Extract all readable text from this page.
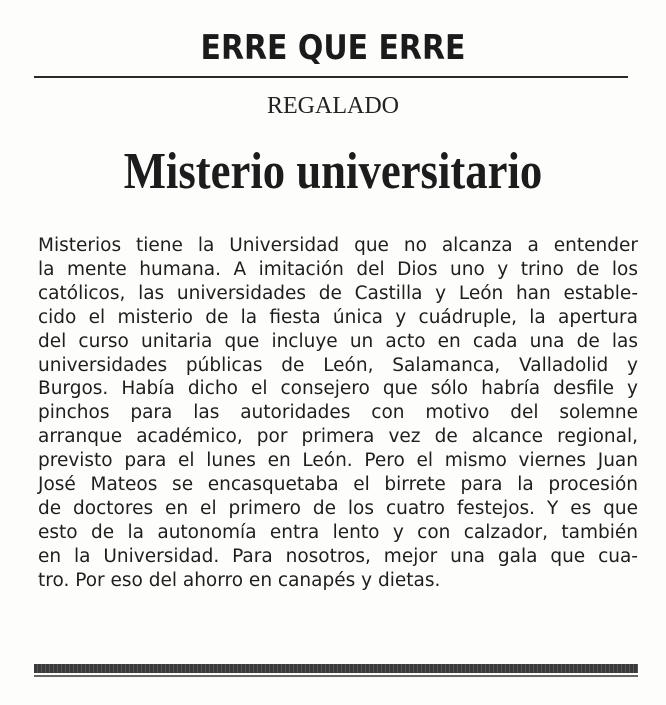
ERRE QUE ERRE
REGALADO
Misterio universitario
Misterios tiene la Universidad que no alcanza a entender
la mente humana. A imitación del Dios uno y trino de los
católicos, las universidades de Castilla y León han estable-
cido el misterio de la fiesta única y cuádruple, la apertura
del curso unitaria que incluye un acto en cada una de las
universidades públicas de León, Salamanca, Valladolid y
Burgos. Había dicho el consejero que sólo habría desfile y
pinchos para las autoridades con motivo del solemne
arranque académico, por primera vez de alcance regional,
previsto para el lunes en León. Pero el mismo viernes Juan
José Mateos se encasquetaba el birrete para la procesión
de doctores en el primero de los cuatro festejos. Y es que
esto de la autonomía entra lento y con calzador, también
en la Universidad. Para nosotros, mejor una gala que cua-
tro. Por eso del ahorro en canapés y dietas.
